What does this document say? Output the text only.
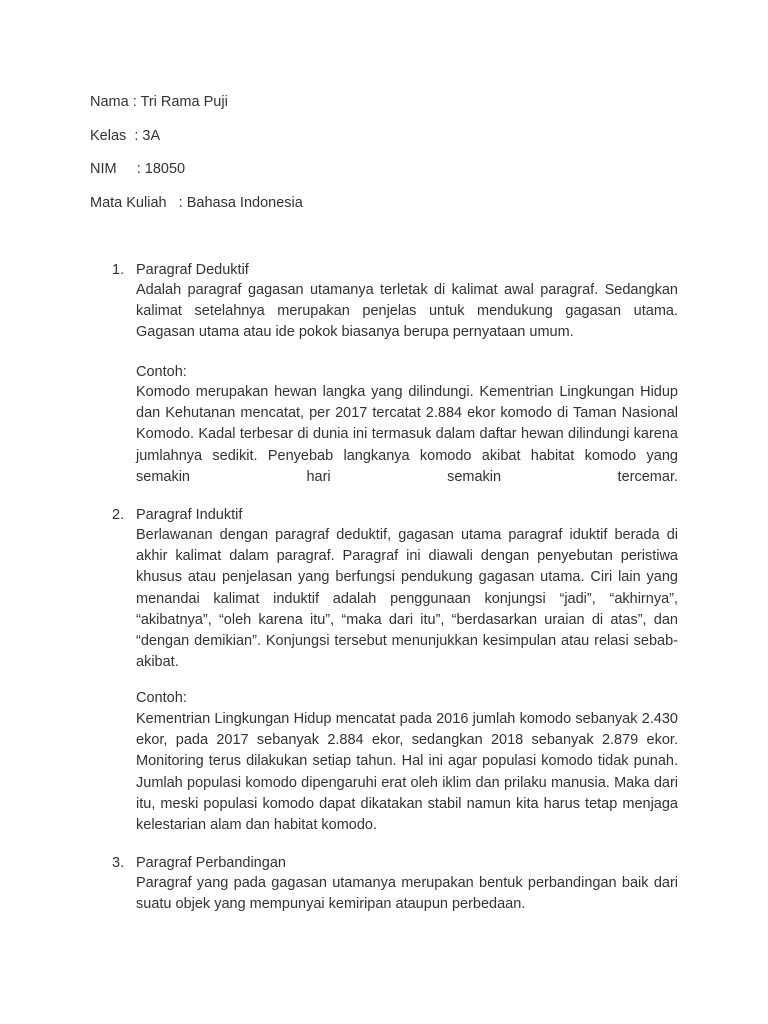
Nama : Tri Rama Puji
Kelas  : 3A
NIM     : 18050
Mata Kuliah   : Bahasa Indonesia
1. Paragraf Deduktif

Adalah paragraf gagasan utamanya terletak di kalimat awal paragraf. Sedangkan kalimat setelahnya merupakan penjelas untuk mendukung gagasan utama. Gagasan utama atau ide pokok biasanya berupa pernyataan umum.

Contoh:

Komodo merupakan hewan langka yang dilindungi. Kementrian Lingkungan Hidup dan Kehutanan mencatat, per 2017 tercatat 2.884 ekor komodo di Taman Nasional Komodo. Kadal terbesar di dunia ini termasuk dalam daftar hewan dilindungi karena jumlahnya sedikit. Penyebab langkanya komodo akibat habitat komodo yang semakin hari semakin tercemar.

2. Paragraf Induktif

Berlawanan dengan paragraf deduktif, gagasan utama paragraf iduktif berada di akhir kalimat dalam paragraf. Paragraf ini diawali dengan penyebutan peristiwa khusus atau penjelasan yang berfungsi pendukung gagasan utama. Ciri lain yang menandai kalimat induktif adalah penggunaan konjungsi “jadi”, “akhirnya”, “akibatnya”, “oleh karena itu”, “maka dari itu”, “berdasarkan uraian di atas”, dan “dengan demikian”. Konjungsi tersebut menunjukkan kesimpulan atau relasi sebab-akibat.

Contoh:

Kementrian Lingkungan Hidup mencatat pada 2016 jumlah komodo sebanyak 2.430 ekor, pada 2017 sebanyak 2.884 ekor, sedangkan 2018 sebanyak 2.879 ekor. Monitoring terus dilakukan setiap tahun. Hal ini agar populasi komodo tidak punah. Jumlah populasi komodo dipengaruhi erat oleh iklim dan prilaku manusia. Maka dari itu, meski populasi komodo dapat dikatakan stabil namun kita harus tetap menjaga kelestarian alam dan habitat komodo.

3. Paragraf Perbandingan

Paragraf yang pada gagasan utamanya merupakan bentuk perbandingan baik dari suatu objek yang mempunyai kemiripan ataupun perbedaan.
